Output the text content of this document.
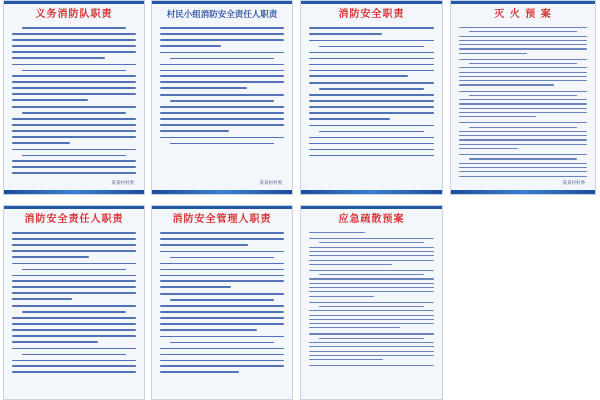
义务消防队职责
某某村村委
村民小组消防安全责任人职责
某某村村委
消防安全职责	灭 火 预 案
某某村村委
消防安全责任人职责	消防安全管理人职责	应急疏散预案
